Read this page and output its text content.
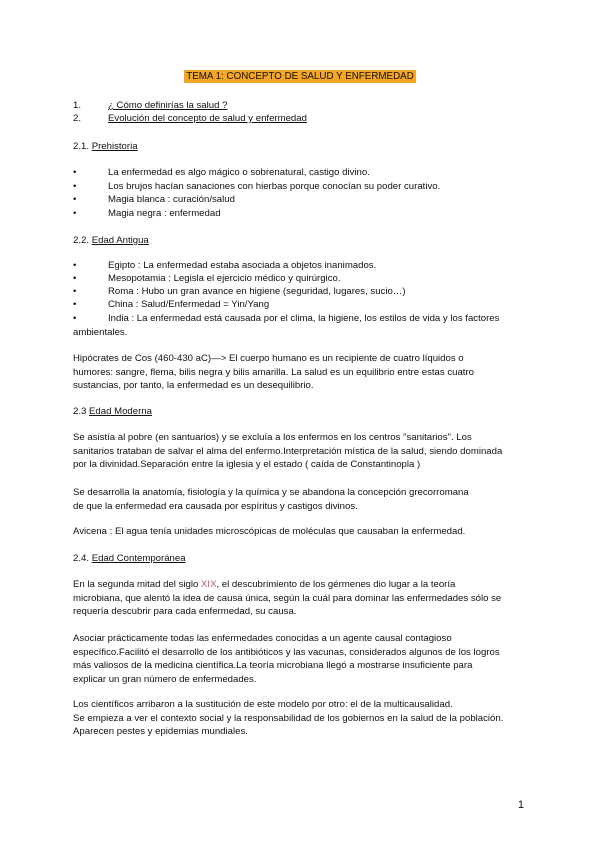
TEMA 1: CONCEPTO DE SALUD Y ENFERMEDAD
1.	¿ Cómo definirías la salud ?
2.	Evolución del concepto de salud y enfermedad
2.1. Prehistoria
•	La enfermedad es algo mágico o sobrenatural, castigo divino.
•	Los brujos hacían sanaciones con hierbas porque conocían su poder curativo.
•	Magia blanca : curación/salud
•	Magia negra : enfermedad
2.2. Edad Antigua
•	Egipto : La enfermedad estaba asociada a objetos inanimados.
•	Mesopotamia : Legisla el ejercicio médico y quirúrgico.
•	Roma : Hubo un gran avance en higiene (seguridad, lugares, sucio…)
•	China : Salud/Enfermedad = Yin/Yang
•	India : La enfermedad está causada por el clima, la higiene, los estilos de vida y los factores
ambientales.
Hipócrates de Cos (460-430 aC)—> El cuerpo humano es un recipiente de cuatro líquidos o
humores: sangre, flema, bilis negra y bilis amarilla. La salud es un equilibrio entre estas cuatro
sustancias, por tanto, la enfermedad es un desequilibrio.
2.3 Edad Moderna
Se asistía al pobre (en santuarios) y se excluía a los enfermos en los centros "sanitarios". Los
sanitarios trataban de salvar el alma del enfermo.Interpretación mística de la salud, siendo dominada
por la divinidad.Separación entre la iglesia y el estado ( caída de Constantinopla )
Se desarrolla la anatomía, fisiología y la química y se abandona la concepción grecorromana
de que la enfermedad era causada por espíritus y castigos divinos.
Avicena : El agua tenía unidades microscópicas de moléculas que causaban la enfermedad.
2.4. Edad Contemporánea
En la segunda mitad del siglo XIX, el descubrimiento de los gérmenes dio lugar a la teoría
microbiana, que alentó la idea de causa única, según la cuál para dominar las enfermedades sólo se
requería descubrir para cada enfermedad, su causa.
Asociar prácticamente todas las enfermedades conocidas a un agente causal contagioso
específico.Facilitó el desarrollo de los antibióticos y las vacunas, considerados algunos de los logros
más valiosos de la medicina científica.La teoría microbiana llegó a mostrarse insuficiente para
explicar un gran número de enfermedades.
Los científicos arribaron a la sustitución de este modelo por otro: el de la multicausalidad.
Se empieza a ver el contexto social y la responsabilidad de los gobiernos en la salud de la población.
Aparecen pestes y epidemias mundiales.
1
